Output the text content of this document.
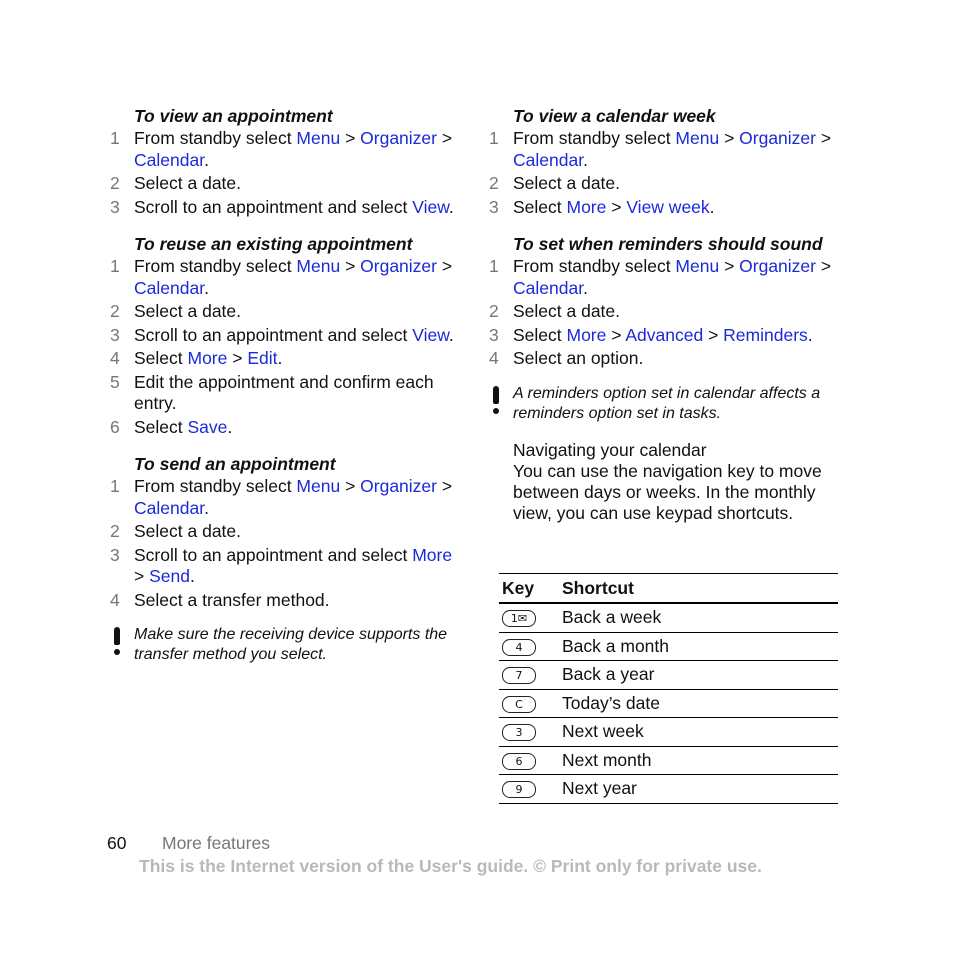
To view an appointment

1 From standby select Menu > Organizer > Calendar.
2 Select a date.
3 Scroll to an appointment and select View.

To reuse an existing appointment

1 From standby select Menu > Organizer > Calendar.
2 Select a date.
3 Scroll to an appointment and select View.
4 Select More > Edit.
5 Edit the appointment and confirm each entry.
6 Select Save.

To send an appointment

1 From standby select Menu > Organizer > Calendar.
2 Select a date.
3 Scroll to an appointment and select More > Send.
4 Select a transfer method.
Make sure the receiving device supports the transfer method you select.

To view a calendar week

1 From standby select Menu > Organizer > Calendar.
2 Select a date.
3 Select More > View week.

To set when reminders should sound

1 From standby select Menu > Organizer > Calendar.
2 Select a date.
3 Select More > Advanced > Reminders.
4 Select an option.
A reminders option set in calendar affects a reminders option set in tasks.

Navigating your calendar

You can use the navigation key to move between days or weeks. In the monthly view, you can use keypad shortcuts.

Key	Shortcut
1✉	Back a week
4	Back a month
7	Back a year
C	Today’s date
3	Next week
6	Next month
9	Next year
60 More features
This is the Internet version of the User's guide. © Print only for private use.
